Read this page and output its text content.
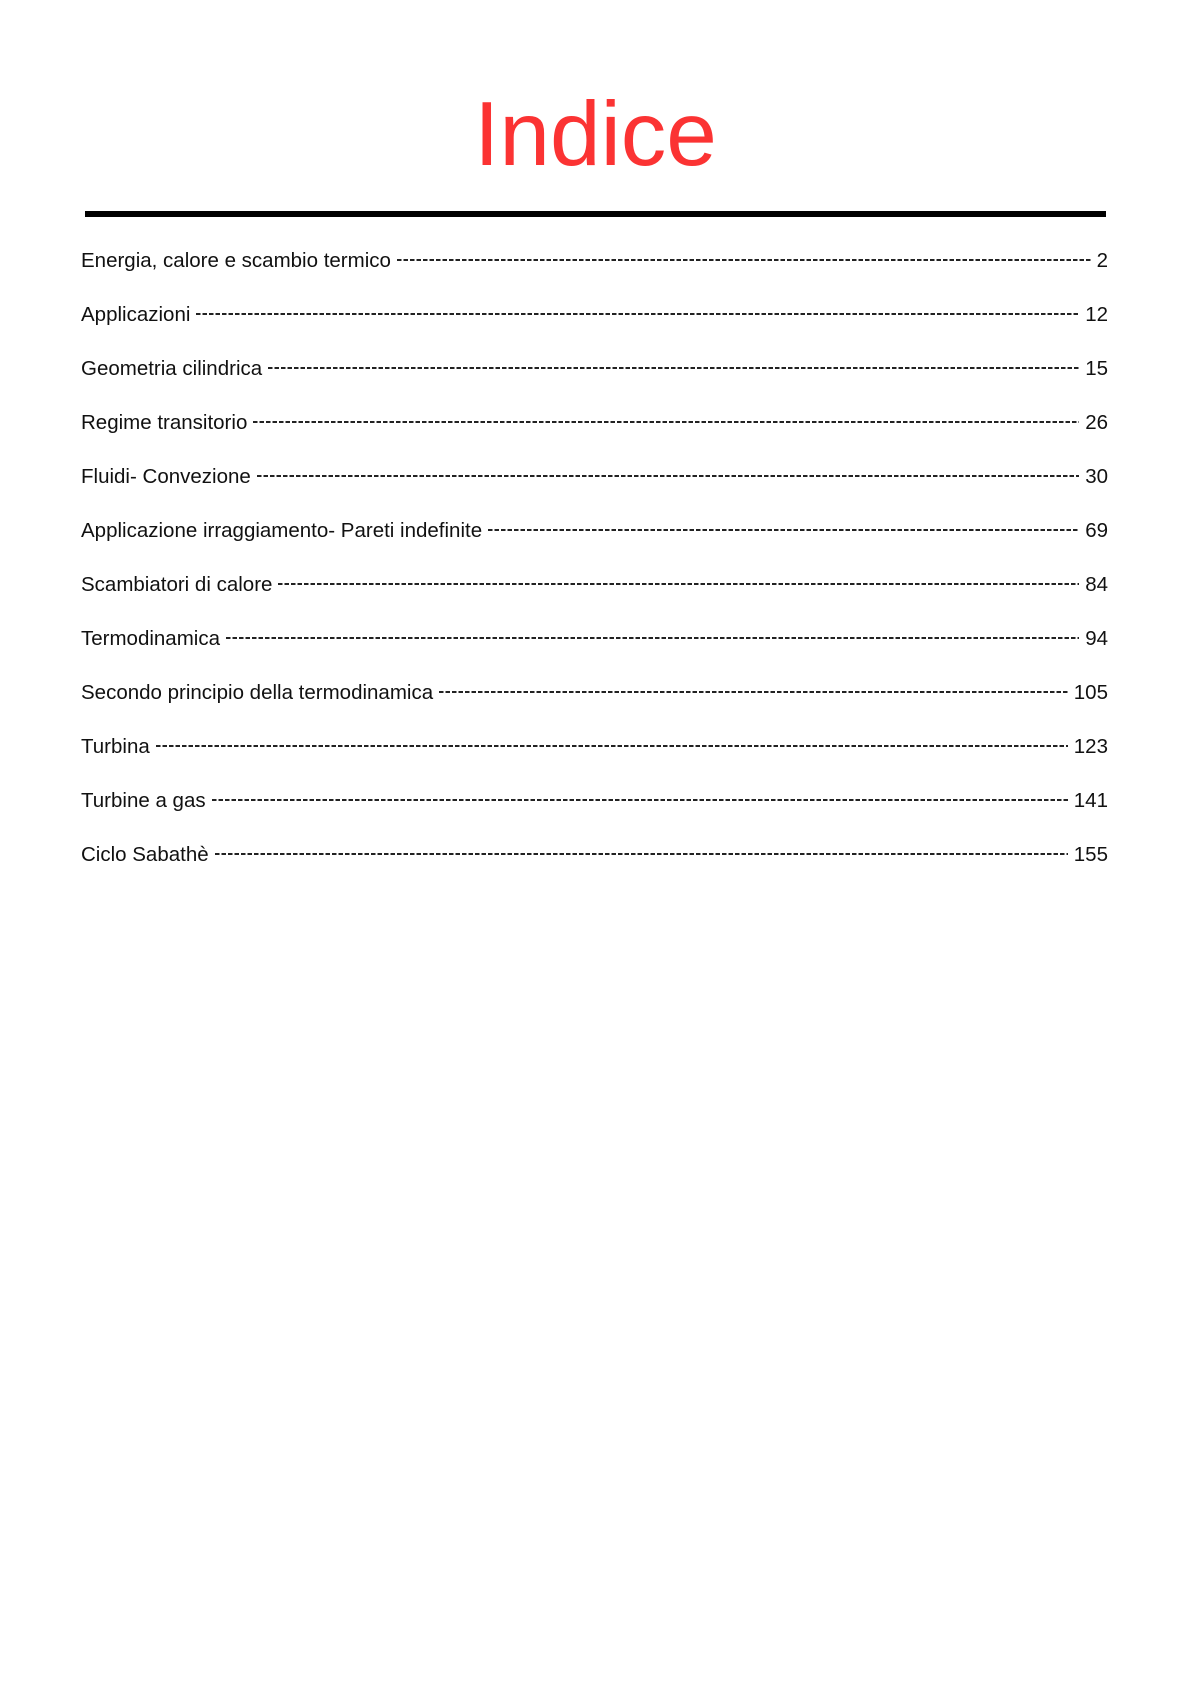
Indice
Energia, calore e scambio termico	2
Applicazioni	12
Geometria cilindrica	15
Regime transitorio	26
Fluidi- Convezione	30
Applicazione irraggiamento- Pareti indefinite	69
Scambiatori di calore	84
Termodinamica	94
Secondo principio della termodinamica	105
Turbina	123
Turbine a gas	141
Ciclo Sabathè	155
